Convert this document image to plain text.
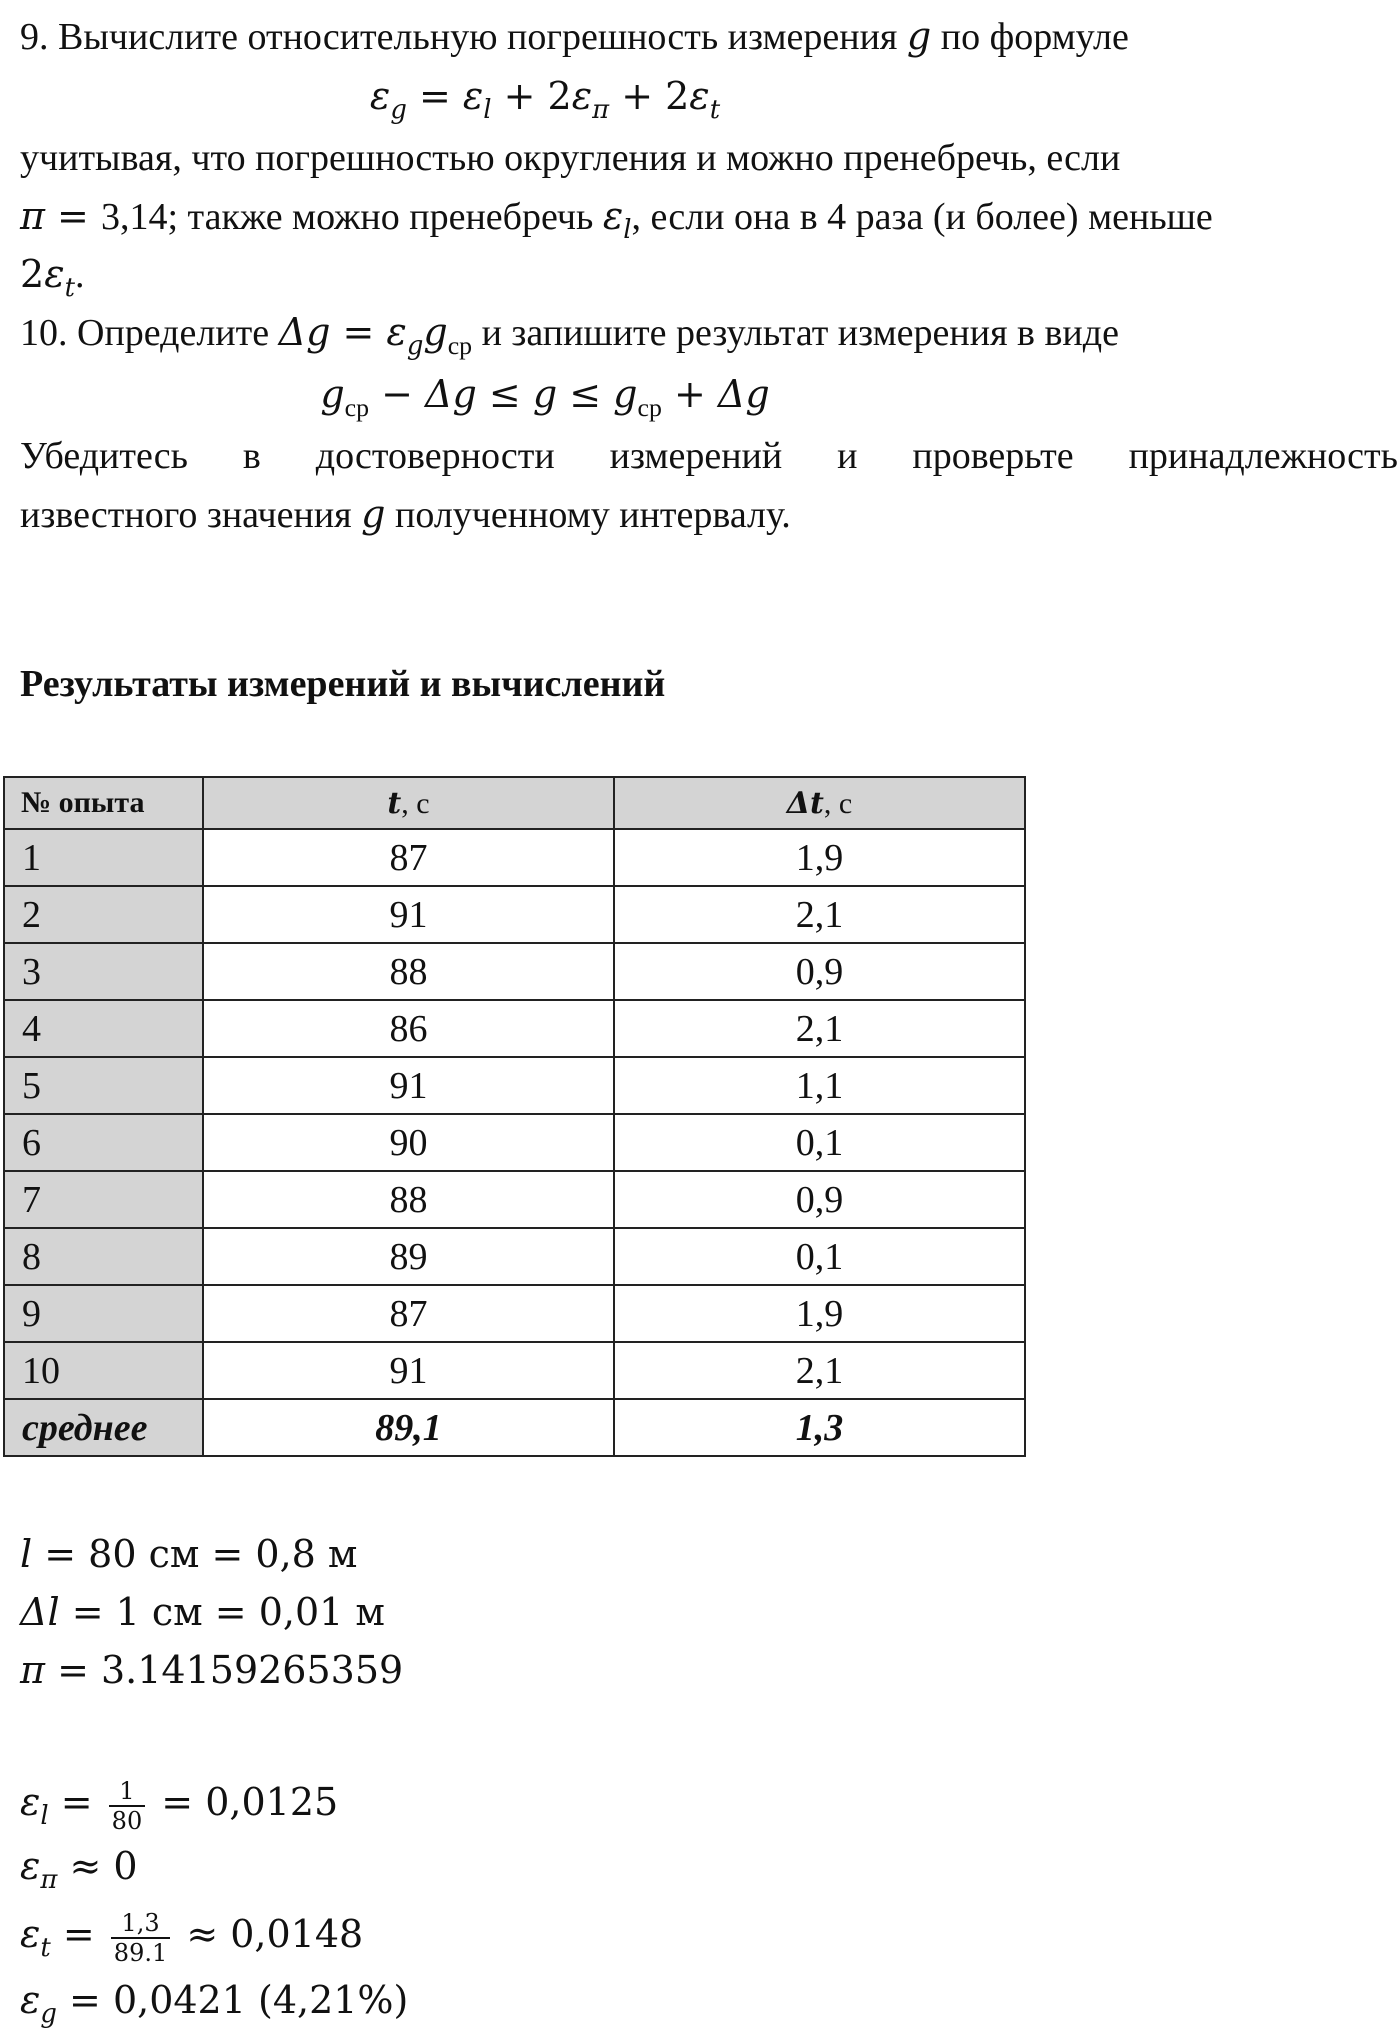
9. Вычислите относительную погрешность измерения g по формуле
$\varepsilon_g = \varepsilon_l + 2\varepsilon_\pi + 2\varepsilon_t$
учитывая, что погрешностью округления и можно пренебречь, если
π = 3,14; также можно пренебречь $\varepsilon_l$, если она в 4 раза (и более) меньше
$2\varepsilon_t$.
10. Определите $\Delta g = \varepsilon_gg_{ср}$ и запишите результат измерения в виде
$g_{ср} - \Delta g \le g \le g_{ср} + \Delta g$
Убедитесь в достоверности измерений и проверьте принадлежность
известного значения g полученному интервалу.
Результаты измерений и вычислений
№ опыта	t, с	Δt, с
1	87	1,9
2	91	2,1
3	88	0,9
4	86	2,1
5	91	1,1
6	90	0,1
7	88	0,9
8	89	0,1
9	87	1,9
10	91	2,1
среднее	89,1	1,3
l = 80 см = 0,8 м
Δl = 1 см = 0,01 м
π = 3.14159265359
$\varepsilon_l = \frac{1}{80} = 0,0125$
$\varepsilon_\pi \approx 0$
$\varepsilon_t = \frac{1,3}{89.1} \approx 0,0148$
$\varepsilon_g = 0,0421$ (4,21%)
